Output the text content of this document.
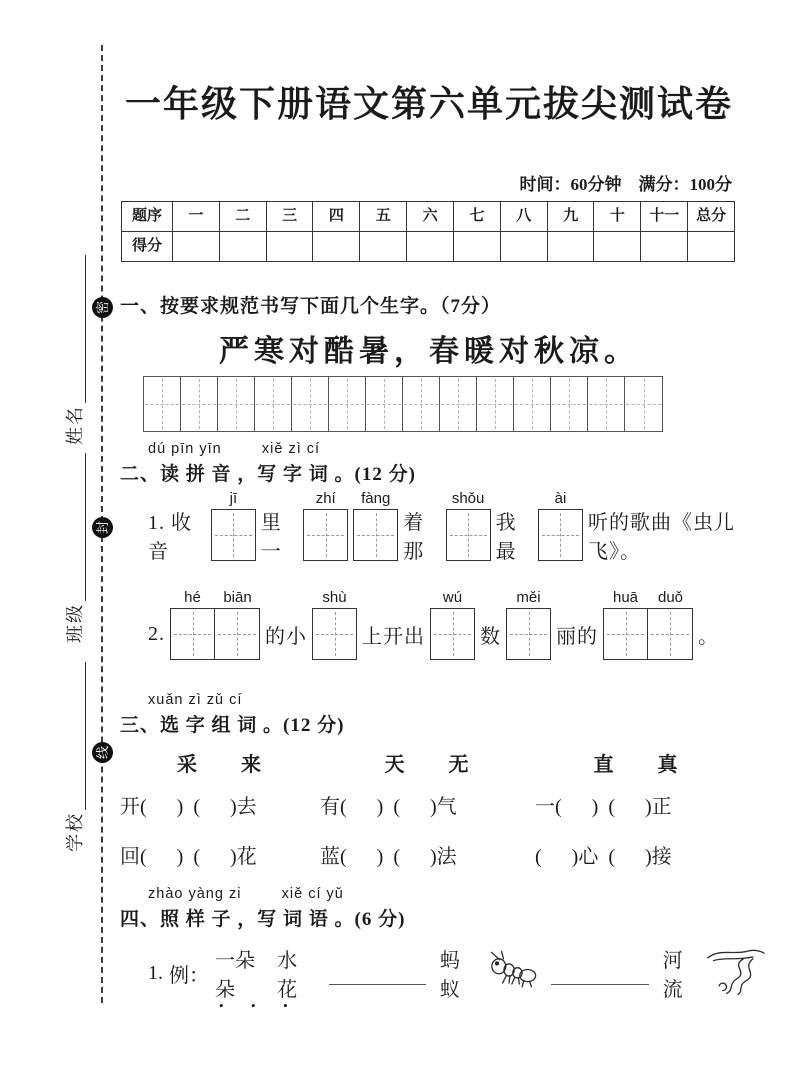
密
封
线
姓名
班级
学校
一年级下册语文第六单元拔尖测试卷
时间：60分钟　满分：100分
题序	一	二	三	四	五	六	七	八	九	十	十一	总分
得分
一、按要求规范书写下面几个生字。（7分）
严寒对酷暑，春暖对秋凉。
dú pīn yīn        xiě zì cí
二、读 拼 音 ，写 字 词 。(12 分)
1. 收音
jī
里一
zhí	fàng
着那
shǒu
我最
ài
听的歌曲《虫儿飞》。
2.
hé	biān
的小
shù
上开出
wú
数
měi
丽的
huā	duǒ
。
xuǎn zì zǔ cí
三、选 字 组 词 。(12 分)
采      来	天      无	直      真
开(      )  (      )去	有(      )  (      )气	一(      )  (      )正
回(      )  (      )花	蓝(      )  (      )法	(      )心  (      )接
zhào yàng zi        xiě cí yǔ
四、照 样 子 ，写 词 语 。(6 分)
1. 例：
一朵朵 •  •  •
水花
蚂蚁
河流
